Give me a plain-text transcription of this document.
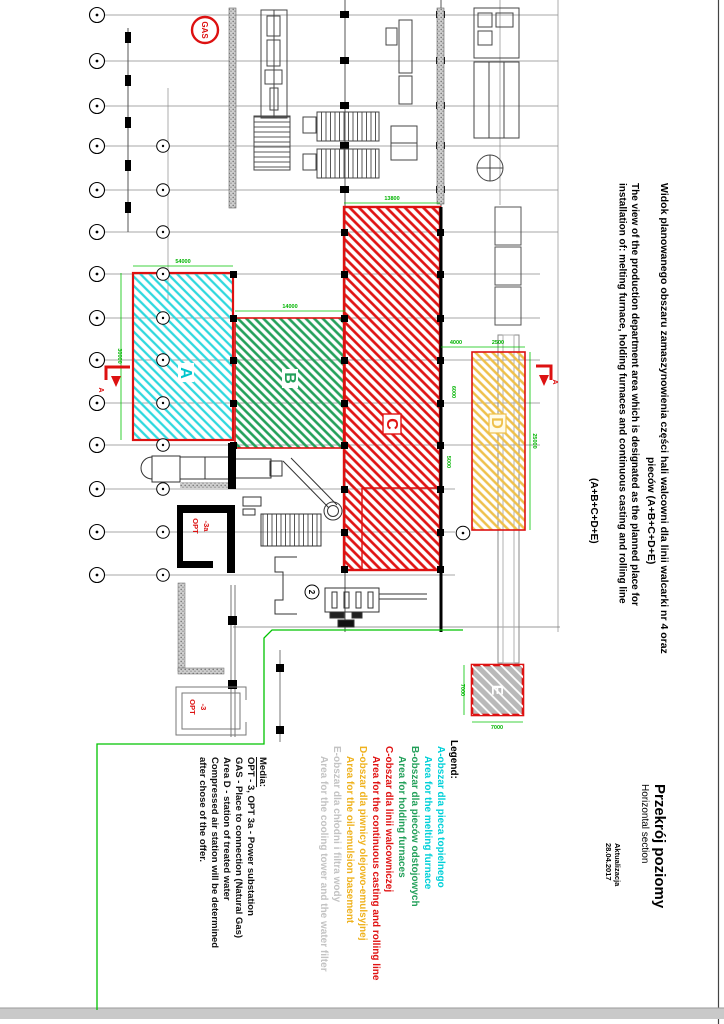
54000
14000
13800
4000	2500
7000
30000
25000
6000
5000
7000
A	B
C	D
E
OPT -3a
OPT -3
GAS
2
A
A	Widok planowanego obszaru zamaszynowienia części hali walcowni dla linii walcarki nr 4 oraz
pieców (A+B+C+D+E)
The view of the production department area which is designated as the planned place for
installation of: melting furnace, holding furnaces and continuous casting and rolling line
(A+B+C+D+E)
Legend:
A-obszar dla pieca topielnego
Area for the melting furnace
B-obszar dla pieców odstojowych
Area for holding furnaces
C-obszar dla linii walcowniczej
Area for the continuous casting and rolling line
D-obszar dla piwnicy olejowo-emulsyjnej
Area for the oil-emulsion basement
E-obszar dla chłodni i filtra wody
Area for the cooling tower and the water filter
Media:
OPT - 3, OPT 3a - Power substation
GAS - Place to connection (Natural Gas)
Area D - station of treated water
Compressed air station will be determined
after chose of the offer.	Przekrój poziomy
Horizontal section
Aktualizacja
28.04.2017
